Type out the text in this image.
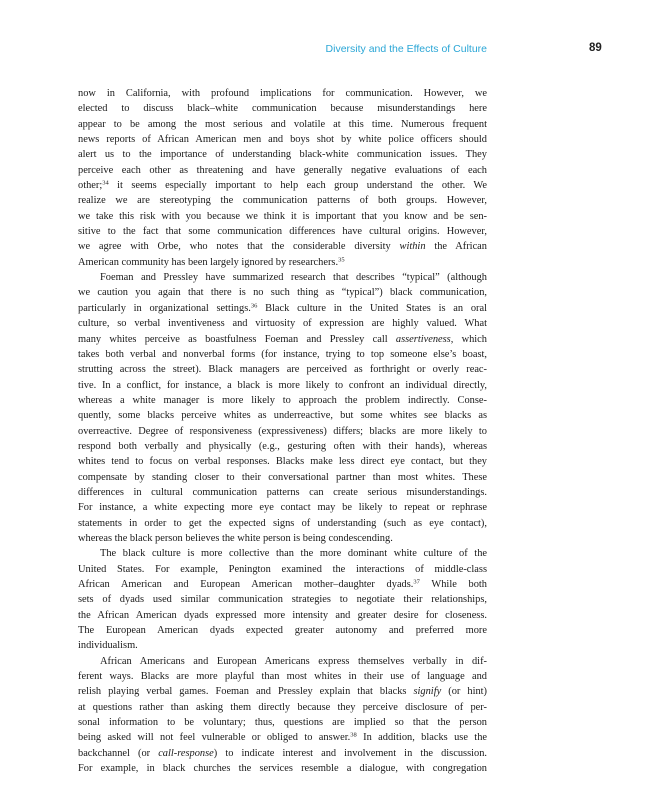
Diversity and the Effects of Culture	89
now in California, with profound implications for communication. However, we
elected to discuss black–white communication because misunderstandings here
appear to be among the most serious and volatile at this time. Numerous frequent
news reports of African American men and boys shot by white police officers should
alert us to the importance of understanding black-white communication issues. They
perceive each other as threatening and have generally negative evaluations of each
other;$^{34}$ it seems especially important to help each group understand the other. We
realize we are stereotyping the communication patterns of both groups. However,
we take this risk with you because we think it is important that you know and be sen-
sitive to the fact that some communication differences have cultural origins. However,
we agree with Orbe, who notes that the considerable diversity within the African
American community has been largely ignored by researchers.$^{35}$
Foeman and Pressley have summarized research that describes “typical” (although
we caution you again that there is no such thing as “typical”) black communication,
particularly in organizational settings.$^{36}$ Black culture in the United States is an oral
culture, so verbal inventiveness and virtuosity of expression are highly valued. What
many whites perceive as boastfulness Foeman and Pressley call assertiveness, which
takes both verbal and nonverbal forms (for instance, trying to top someone else’s boast,
strutting across the street). Black managers are perceived as forthright or overly reac-
tive. In a conflict, for instance, a black is more likely to confront an individual directly,
whereas a white manager is more likely to approach the problem indirectly. Conse-
quently, some blacks perceive whites as underreactive, but some whites see blacks as
overreactive. Degree of responsiveness (expressiveness) differs; blacks are more likely to
respond both verbally and physically (e.g., gesturing often with their hands), whereas
whites tend to focus on verbal responses. Blacks make less direct eye contact, but they
compensate by standing closer to their conversational partner than most whites. These
differences in cultural communication patterns can create serious misunderstandings.
For instance, a white expecting more eye contact may be likely to repeat or rephrase
statements in order to get the expected signs of understanding (such as eye contact),
whereas the black person believes the white person is being condescending.
The black culture is more collective than the more dominant white culture of the
United States. For example, Penington examined the interactions of middle-class
African American and European American mother–daughter dyads.$^{37}$ While both
sets of dyads used similar communication strategies to negotiate their relationships,
the African American dyads expressed more intensity and greater desire for closeness.
The European American dyads expected greater autonomy and preferred more
individualism.
African Americans and European Americans express themselves verbally in dif-
ferent ways. Blacks are more playful than most whites in their use of language and
relish playing verbal games. Foeman and Pressley explain that blacks signify (or hint)
at questions rather than asking them directly because they perceive disclosure of per-
sonal information to be voluntary; thus, questions are implied so that the person
being asked will not feel vulnerable or obliged to answer.$^{38}$ In addition, blacks use the
backchannel (or call-response) to indicate interest and involvement in the discussion.
For example, in black churches the services resemble a dialogue, with congregation
